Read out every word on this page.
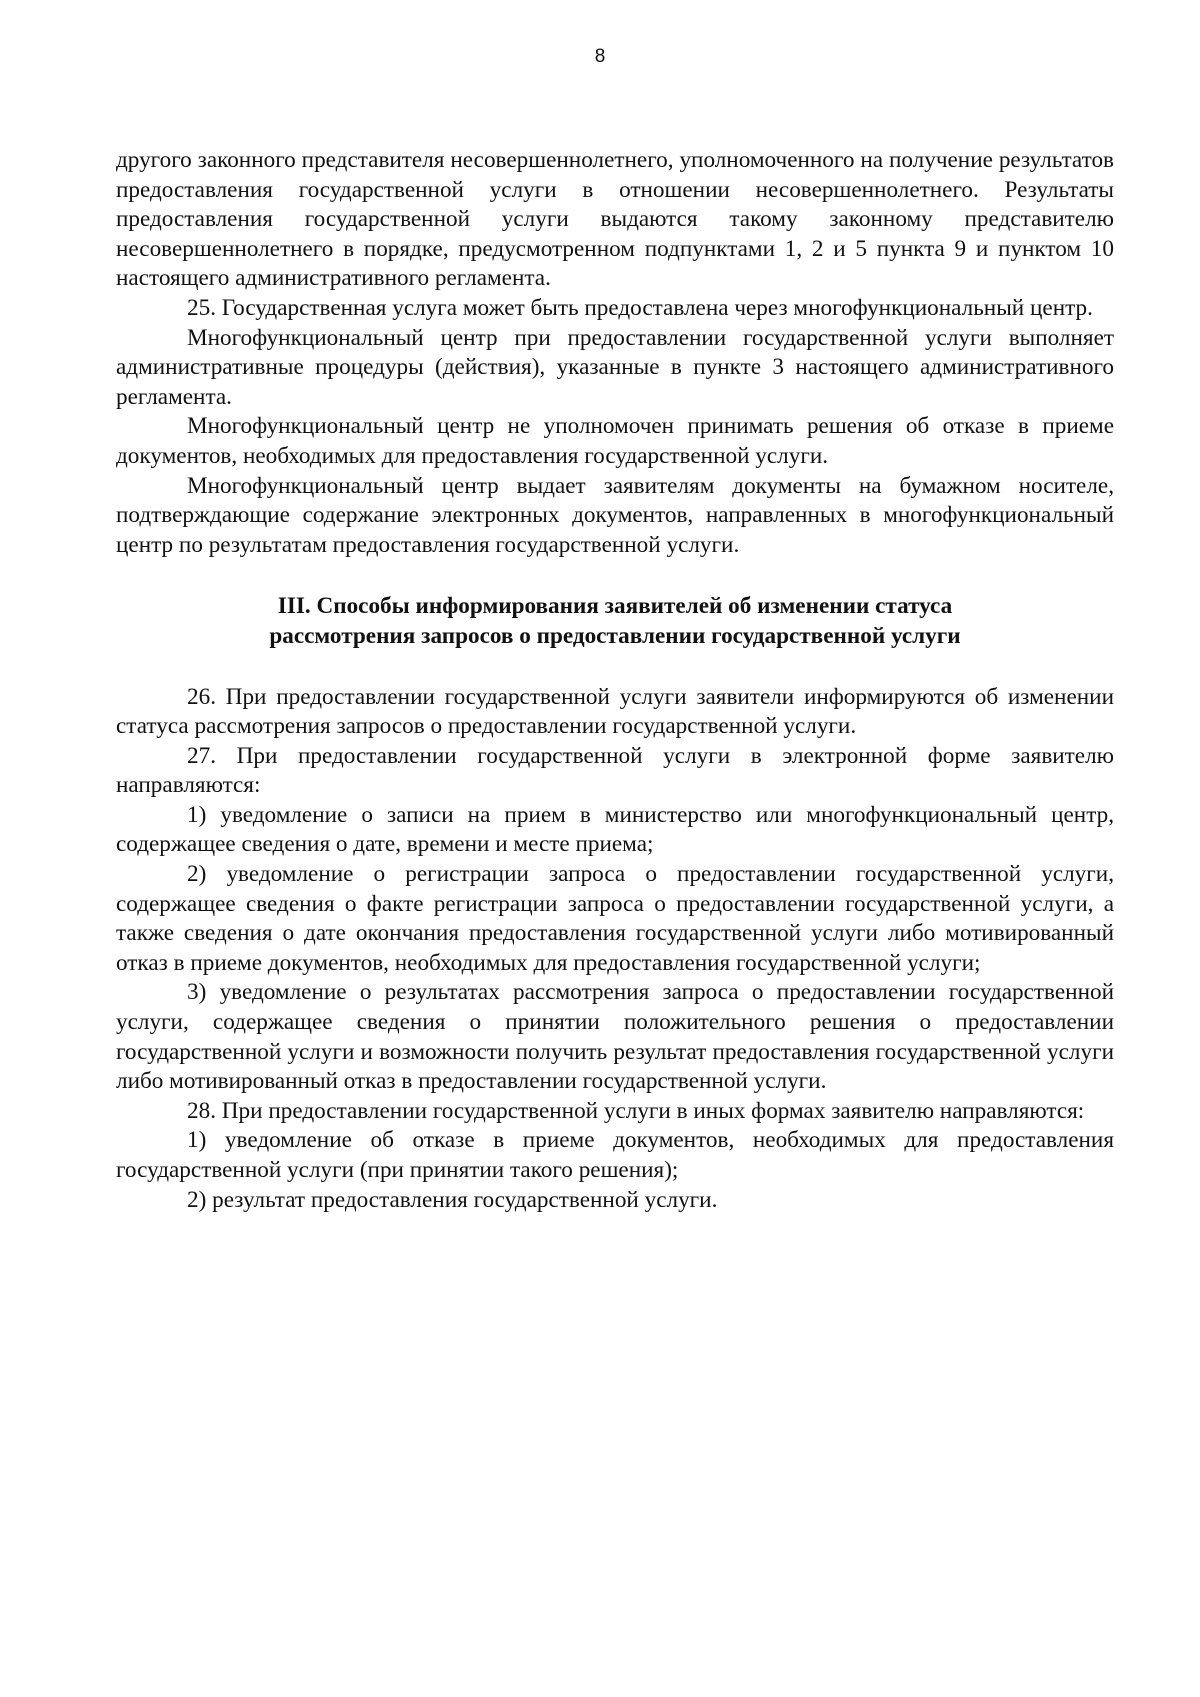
8

другого законного представителя несовершеннолетнего, уполномоченного на получение результатов предоставления государственной услуги в отношении несовершеннолетнего. Результаты предоставления государственной услуги выдаются такому законному представителю несовершеннолетнего в порядке, предусмотренном подпунктами 1, 2 и 5 пункта 9 и пунктом 10 настоящего административного регламента.

25. Государственная услуга может быть предоставлена через многофункциональный центр.

Многофункциональный центр при предоставлении государственной услуги выполняет административные процедуры (действия), указанные в пункте 3 настоящего административного регламента.

Многофункциональный центр не уполномочен принимать решения об отказе в приеме документов, необходимых для предоставления государственной услуги.

Многофункциональный центр выдает заявителям документы на бумажном носителе, подтверждающие содержание электронных документов, направленных в многофункциональный центр по результатам предоставления государственной услуги.

III. Способы информирования заявителей об изменении статуса
рассмотрения запросов о предоставлении государственной услуги

26. При предоставлении государственной услуги заявители информируются об изменении статуса рассмотрения запросов о предоставлении государственной услуги.

27. При предоставлении государственной услуги в электронной форме заявителю направляются:

1) уведомление о записи на прием в министерство или многофункциональный центр, содержащее сведения о дате, времени и месте приема;

2) уведомление о регистрации запроса о предоставлении государственной услуги, содержащее сведения о факте регистрации запроса о предоставлении государственной услуги, а также сведения о дате окончания предоставления государственной услуги либо мотивированный отказ в приеме документов, необходимых для предоставления государственной услуги;

3) уведомление о результатах рассмотрения запроса о предоставлении государственной услуги, содержащее сведения о принятии положительного решения о предоставлении государственной услуги и возможности получить результат предоставления государственной услуги либо мотивированный отказ в предоставлении государственной услуги.

28. При предоставлении государственной услуги в иных формах заявителю направляются:

1) уведомление об отказе в приеме документов, необходимых для предоставления государственной услуги (при принятии такого решения);

2) результат предоставления государственной услуги.
